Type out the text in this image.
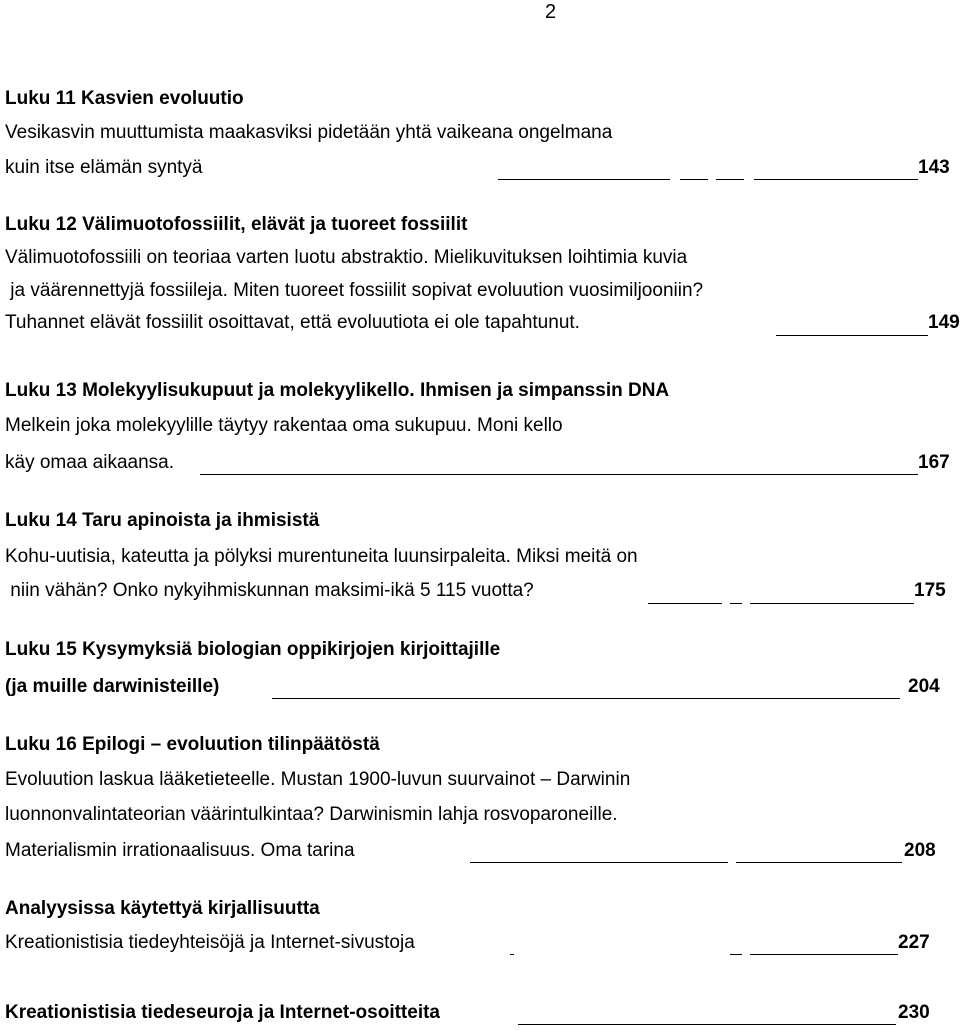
2
Luku 11 Kasvien evoluutio
Vesikasvin muuttumista maakasviksi pidetään yhtä vaikeana ongelmana
kuin itse elämän syntyä	143
Luku 12 Välimuotofossiilit, elävät ja tuoreet fossiilit
Välimuotofossiili on teoriaa varten luotu abstraktio. Mielikuvituksen loihtimia kuvia
ja väärennettyjä fossiileja. Miten tuoreet fossiilit sopivat evoluution vuosimiljooniin?
Tuhannet elävät fossiilit osoittavat, että evoluutiota ei ole tapahtunut.	149
Luku 13 Molekyylisukupuut ja molekyylikello. Ihmisen ja simpanssin DNA
Melkein joka molekyylille täytyy rakentaa oma sukupuu. Moni kello
käy omaa aikaansa.	167
Luku 14 Taru apinoista ja ihmisistä
Kohu-uutisia, kateutta ja pölyksi murentuneita luunsirpaleita. Miksi meitä on
niin vähän? Onko nykyihmiskunnan maksimi-ikä 5 115 vuotta?	175
Luku 15 Kysymyksiä biologian oppikirjojen kirjoittajille
(ja muille darwinisteille)	204
Luku 16 Epilogi – evoluution tilinpäätöstä
Evoluution laskua lääketieteelle. Mustan 1900-luvun suurvainot – Darwinin
luonnonvalintateorian väärintulkintaa? Darwinismin lahja rosvoparoneille.
Materialismin irrationaalisuus. Oma tarina	208
Analyysissa käytettyä kirjallisuutta
Kreationistisia tiedeyhteisöjä ja Internet-sivustoja	227
Kreationistisia tiedeseuroja ja Internet-osoitteita	230
